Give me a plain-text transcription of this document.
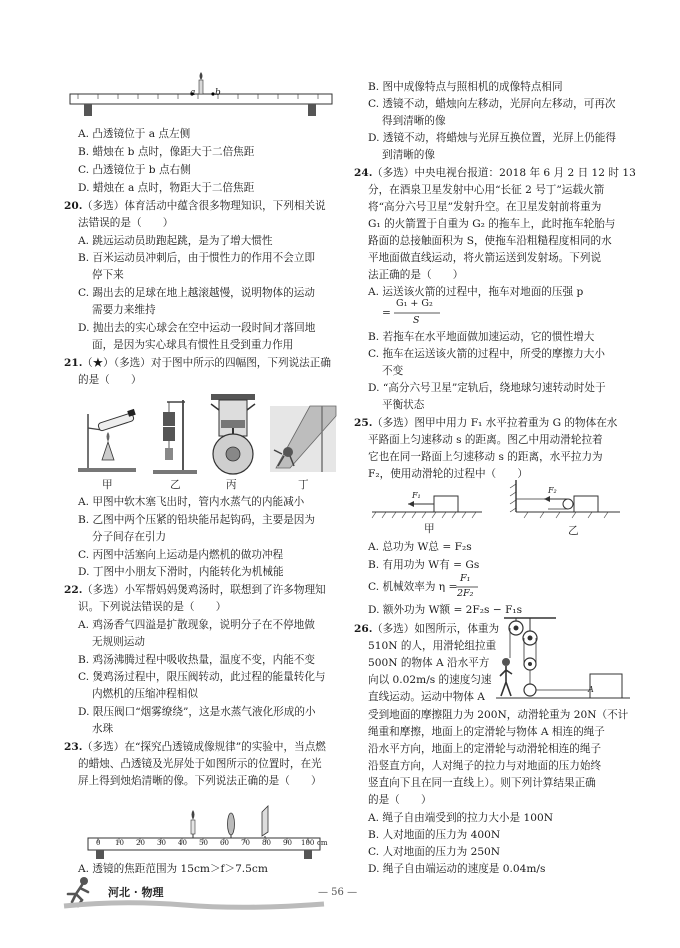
a b
A. 凸透镜位于 a 点左侧
B. 蜡烛在 b 点时，像距大于二倍焦距
C. 凸透镜位于 b 点右侧
D. 蜡烛在 a 点时，物距大于二倍焦距
20. （多选）体育活动中蕴含很多物理知识，下列相关说
法错误的是（　　）
A. 跳远运动员助跑起跳，是为了增大惯性
B. 百米运动员冲刺后，由于惯性力的作用不会立即
停下来
C. 踢出去的足球在地上越滚越慢，说明物体的运动
需要力来维持
D. 抛出去的实心球会在空中运动一段时间才落回地
面，是因为实心球具有惯性且受到重力作用
21. （★）（多选）对于图中所示的四幅图，下列说法正确
的是（　　）
甲	乙	丙	丁
A. 甲图中软木塞飞出时，管内水蒸气的内能减小
B. 乙图中两个压紧的铅块能吊起钩码，主要是因为
分子间存在引力
C. 丙图中活塞向上运动是内燃机的做功冲程
D. 丁图中小朋友下滑时，内能转化为机械能
22. （多选）小军帮妈妈煲鸡汤时，联想到了许多物理知
识。下列说法错误的是（　　）
A. 鸡汤香气四溢是扩散现象，说明分子在不停地做
无规则运动
B. 鸡汤沸腾过程中吸收热量，温度不变，内能不变
C. 煲鸡汤过程中，限压阀转动，此过程的能量转化与
内燃机的压缩冲程相似
D. 限压阀口“烟雾缭绕”，这是水蒸气液化形成的小
水珠
23. （多选）在“探究凸透镜成像规律”的实验中，当点燃
的蜡烛、凸透镜及光屏处于如图所示的位置时，在光
屏上得到烛焰清晰的像。下列说法正确的是（　　）
0 10 20 30 40 50 60 70 80 90 100 cm
A. 透镜的焦距范围为 15cm＞f＞7.5cm
B. 图中成像特点与照相机的成像特点相同
C. 透镜不动，蜡烛向左移动，光屏向左移动，可再次
得到清晰的像
D. 透镜不动，将蜡烛与光屏互换位置，光屏上仍能得
到清晰的像
24. （多选）中央电视台报道：2018 年 6 月 2 日 12 时 13
分，在酒泉卫星发射中心用“长征 2 号丁”运载火箭
将“高分六号卫星”发射升空。在卫星发射前将重为
G₁ 的火箭置于自重为 G₂ 的拖车上，此时拖车轮胎与
路面的总接触面积为 S，使拖车沿粗糙程度相同的水
平地面做直线运动，将火箭运送到发射场。下列说
法正确的是（　　）
A. 运送该火箭的过程中，拖车对地面的压强 p
=
G₁ + G₂
S
B. 若拖车在水平地面做加速运动，它的惯性增大
C. 拖车在运送该火箭的过程中，所受的摩擦力大小
不变
D. “高分六号卫星”定轨后，绕地球匀速转动时处于
平衡状态
25. （多选）图甲中用力 F₁ 水平拉着重为 G 的物体在水
平路面上匀速移动 s 的距离。图乙中用动滑轮拉着
它也在同一路面上匀速移动 s 的距离，水平拉力为
F₂，使用动滑轮的过程中（　　）
F₁
F₂
甲	乙
A. 总功为 W总 = F₂s
B. 有用功为 W有 = Gs
C. 机械效率为 η =
F₁
2F₂
D. 额外功为 W额 = 2F₂s − F₁s
26. （多选）如图所示，体重为
510N 的人，用滑轮组拉重
500N 的物体 A 沿水平方
向以 0.02m/s 的速度匀速
直线运动。运动中物体 A
A
受到地面的摩擦阻力为 200N，动滑轮重为 20N（不计
绳重和摩擦，地面上的定滑轮与物体 A 相连的绳子
沿水平方向，地面上的定滑轮与动滑轮相连的绳子
沿竖直方向，人对绳子的拉力与对地面的压力始终
竖直向下且在同一直线上）。则下列计算结果正确
的是（　　）
A. 绳子自由端受到的拉力大小是 100N
B. 人对地面的压力为 400N
C. 人对地面的压力为 250N
D. 绳子自由端运动的速度是 0.04m/s
河北 · 物理	— 56 —
